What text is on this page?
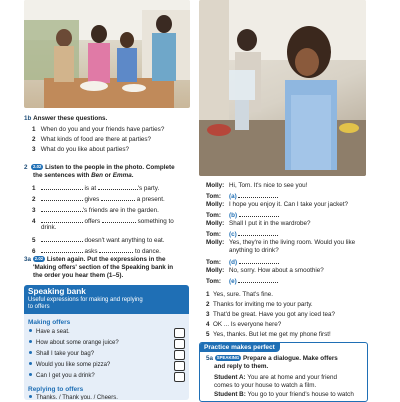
1b Answer these questions.
1 When do you and your friends have parties?
2 What kinds of food are there at parties?
3 What do you like about parties?
2 2.02 Listen to the people in the photo. Complete
the sentences with Ben or Emma.
1	is at	's party.
2	gives	a present.
3	's friends are in the garden.
4	offers	something to
drink.
5	doesn't want anything to eat.
6	asks	to dance.
3a 2.02 Listen again. Put the expressions in the
'Making offers' section of the Speaking bank in
the order you hear them (1–5).
Speaking bank
Useful expressions for making and replying
to offers
Making offers
Have a seat.
How about some orange juice?
Shall I take your bag?
Would you like some pizza?
Can I get you a drink?
Replying to offers
Thanks. / Thank you. / Cheers.
Molly: Hi, Tom. It's nice to see you!
Tom: (a)
Molly: I hope you enjoy it. Can I take your jacket?
Tom: (b)
Molly: Shall I put it in the wardrobe?
Tom: (c)
Molly: Yes, they're in the living room. Would you like
anything to drink?
Tom: (d)
Molly: No, sorry. How about a smoothie?
Tom: (e)
1 Yes, sure. That's fine.
2 Thanks for inviting me to your party.
3 That'd be great. Have you got any iced tea?
4 OK ... Is everyone here?
5 Yes, thanks. But let me get my phone first!
Practice makes perfect
5a SPEAKING Prepare a dialogue. Make offers
and reply to them.
Student A: You are at home and your friend
comes to your house to watch a film.
Student B: You go to your friend's house to watch
